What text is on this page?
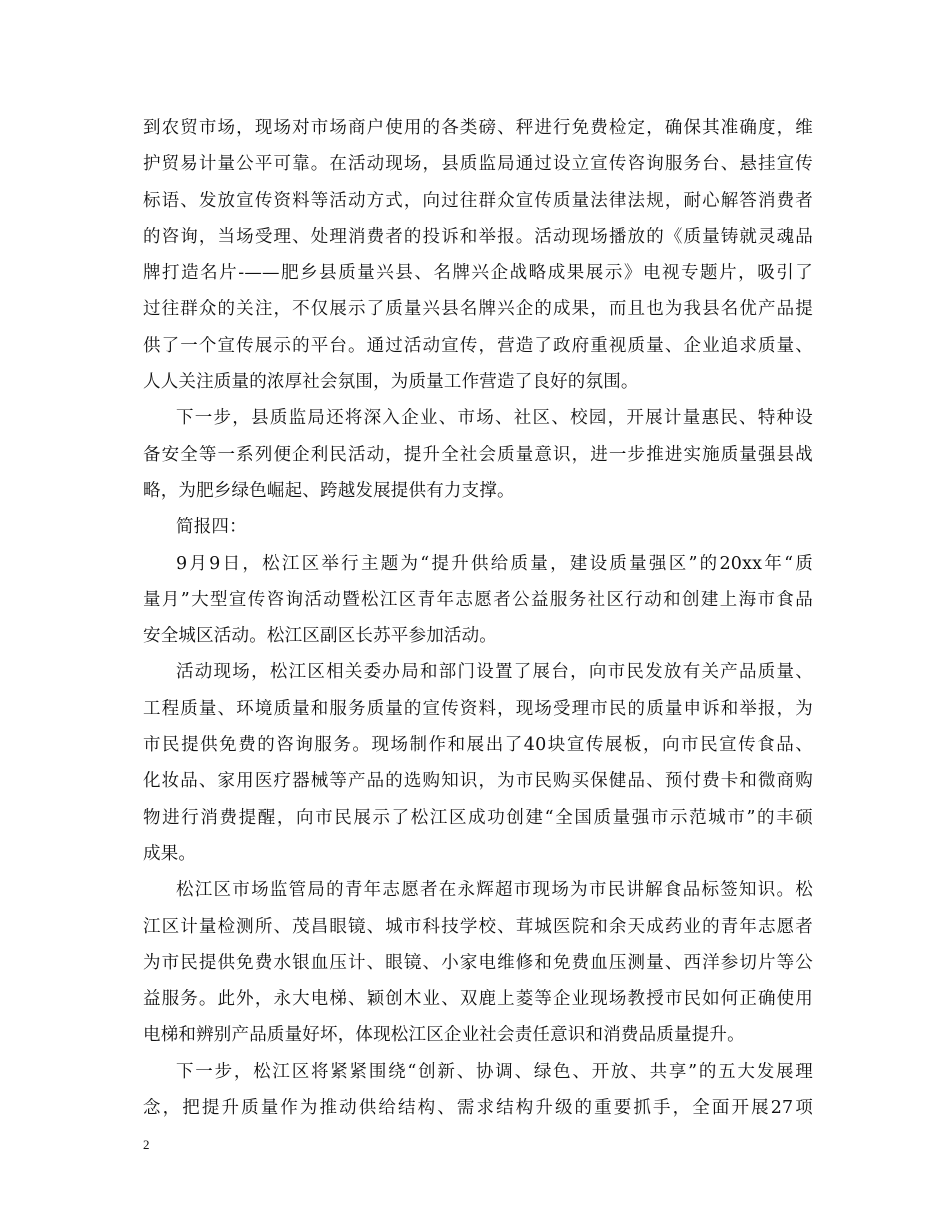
到农贸市场，现场对市场商户使用的各类磅、秤进行免费检定，确保其准确度，维
护贸易计量公平可靠。在活动现场，县质监局通过设立宣传咨询服务台、悬挂宣传
标语、发放宣传资料等活动方式，向过往群众宣传质量法律法规，耐心解答消费者
的咨询，当场受理、处理消费者的投诉和举报。活动现场播放的《质量铸就灵魂品
牌打造名片-——肥乡县质量兴县、名牌兴企战略成果展示》电视专题片，吸引了
过往群众的关注，不仅展示了质量兴县名牌兴企的成果，而且也为我县名优产品提
供了一个宣传展示的平台。通过活动宣传，营造了政府重视质量、企业追求质量、
人人关注质量的浓厚社会氛围，为质量工作营造了良好的氛围。
下一步，县质监局还将深入企业、市场、社区、校园，开展计量惠民、特种设
备安全等一系列便企利民活动，提升全社会质量意识，进一步推进实施质量强县战
略，为肥乡绿色崛起、跨越发展提供有力支撑。
简报四：
9月9日，松江区举行主题为“提升供给质量，建设质量强区”的20xx年“质
量月”大型宣传咨询活动暨松江区青年志愿者公益服务社区行动和创建上海市食品
安全城区活动。松江区副区长苏平参加活动。
活动现场，松江区相关委办局和部门设置了展台，向市民发放有关产品质量、
工程质量、环境质量和服务质量的宣传资料，现场受理市民的质量申诉和举报，为
市民提供免费的咨询服务。现场制作和展出了40块宣传展板，向市民宣传食品、
化妆品、家用医疗器械等产品的选购知识，为市民购买保健品、预付费卡和微商购
物进行消费提醒，向市民展示了松江区成功创建“全国质量强市示范城市”的丰硕
成果。
松江区市场监管局的青年志愿者在永辉超市现场为市民讲解食品标签知识。松
江区计量检测所、茂昌眼镜、城市科技学校、茸城医院和余天成药业的青年志愿者
为市民提供免费水银血压计、眼镜、小家电维修和免费血压测量、西洋参切片等公
益服务。此外，永大电梯、颖创木业、双鹿上菱等企业现场教授市民如何正确使用
电梯和辨别产品质量好坏，体现松江区企业社会责任意识和消费品质量提升。
下一步，松江区将紧紧围绕“创新、协调、绿色、开放、共享”的五大发展理
念，把提升质量作为推动供给结构、需求结构升级的重要抓手，全面开展27项
2
